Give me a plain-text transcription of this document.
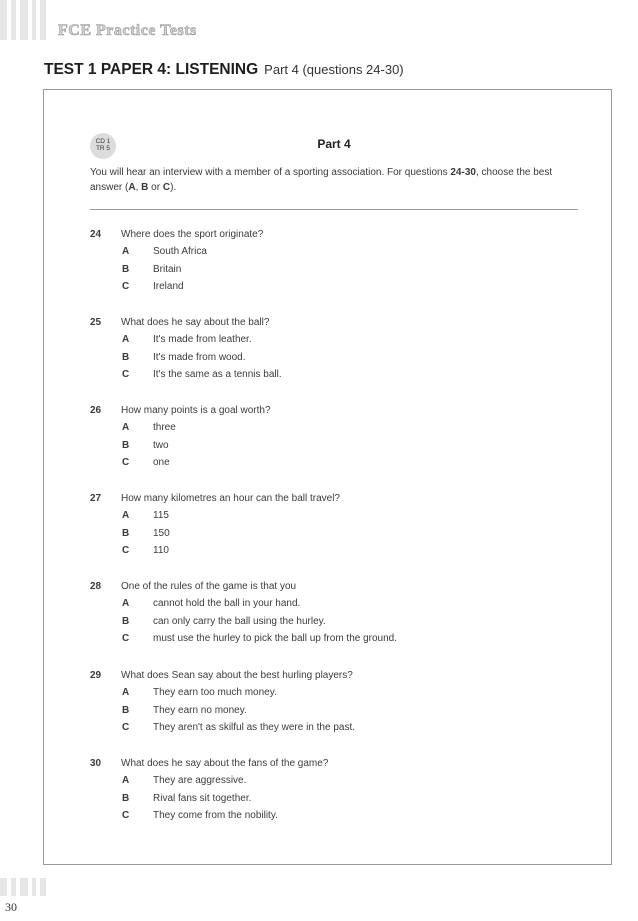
FCE Practice Tests
TEST 1 PAPER 4: LISTENING Part 4 (questions 24-30)
CD 1
TR 5	Part 4
You will hear an interview with a member of a sporting association. For questions 24-30, choose the best answer (A, B or C).
24 Where does the sport originate?
A South Africa
B Britain
C Ireland
25 What does he say about the ball?
A It's made from leather.
B It's made from wood.
C It's the same as a tennis ball.
26 How many points is a goal worth?
A three
B two
C one
27 How many kilometres an hour can the ball travel?
A 115
B 150
C 110
28 One of the rules of the game is that you
A cannot hold the ball in your hand.
B can only carry the ball using the hurley.
C must use the hurley to pick the ball up from the ground.
29 What does Sean say about the best hurling players?
A They earn too much money.
B They earn no money.
C They aren't as skilful as they were in the past.
30 What does he say about the fans of the game?
A They are aggressive.
B Rival fans sit together.
C They come from the nobility.
30
